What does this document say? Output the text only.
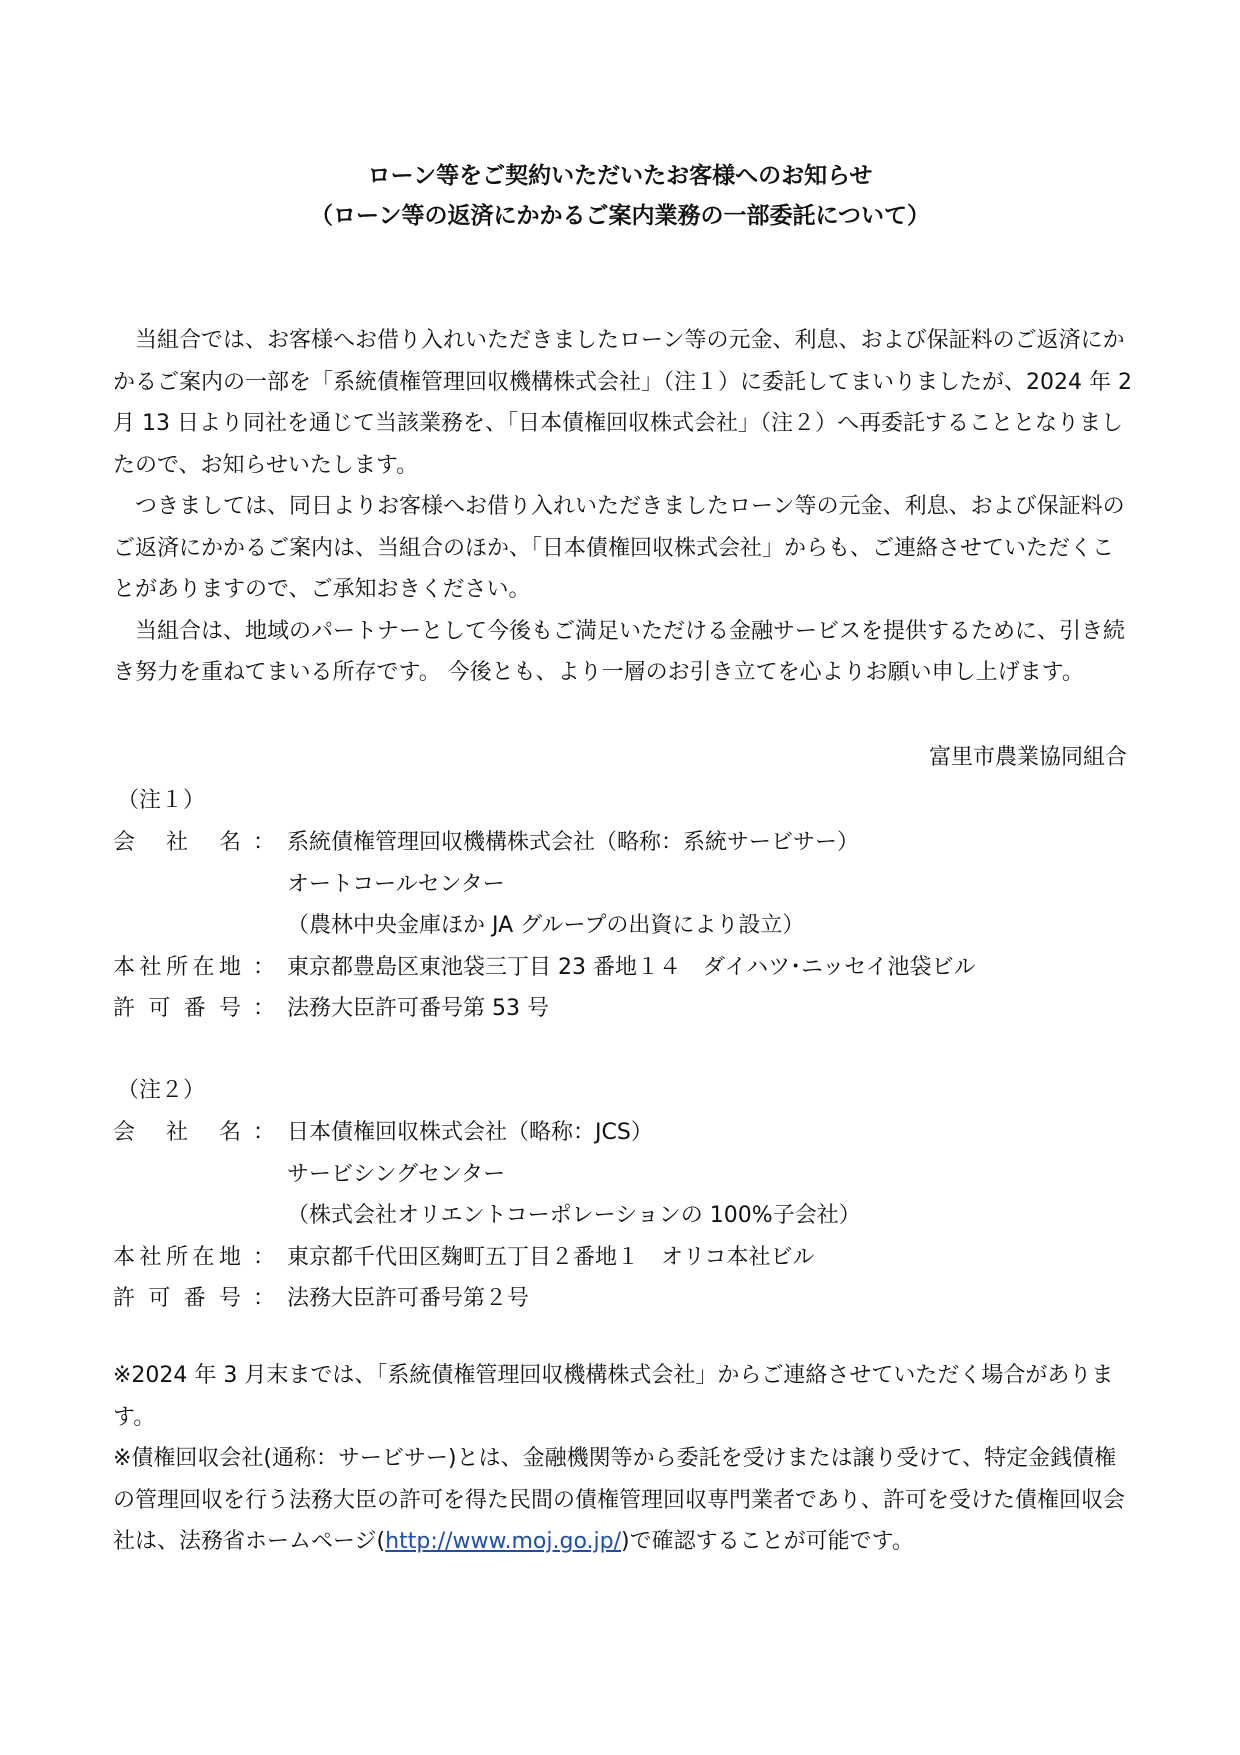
ローン等をご契約いただいたお客様へのお知らせ
（ローン等の返済にかかるご案内業務の一部委託について）

当組合では、お客様へお借り入れいただきましたローン等の元金、利息、および保証料のご返済にかかるご案内の一部を「系統債権管理回収機構株式会社」（注１）に委託してまいりましたが、2024 年 2 月 13 日より同社を通じて当該業務を、「日本債権回収株式会社」（注２）へ再委託することとなりましたので、お知らせいたします。

つきましては、同日よりお客様へお借り入れいただきましたローン等の元金、利息、および保証料のご返済にかかるご案内は、当組合のほか、「日本債権回収株式会社」からも、ご連絡させていただくことがありますので、ご承知おきください。

当組合は、地域のパートナーとして今後もご満足いただける金融サービスを提供するために、引き続き努力を重ねてまいる所存です。 今後とも、より一層のお引き立てを心よりお願い申し上げます。

富里市農業協同組合
（注１）
会社名 ： 系統債権管理回収機構株式会社（略称：系統サービサー）
オートコールセンター
（農林中央金庫ほか JA グループの出資により設立）
本社所在地 ： 東京都豊島区東池袋三丁目 23 番地１４　ダイハツ･ニッセイ池袋ビル
許可番号 ： 法務大臣許可番号第 53 号
（注２）
会社名 ： 日本債権回収株式会社（略称：JCS）
サービシングセンター
（株式会社オリエントコーポレーションの 100%子会社）
本社所在地 ： 東京都千代田区麹町五丁目２番地１　オリコ本社ビル
許可番号 ： 法務大臣許可番号第２号

※2024 年 3 月末までは、「系統債権管理回収機構株式会社」からご連絡させていただく場合があります。

※債権回収会社(通称：サービサー)とは、金融機関等から委託を受けまたは譲り受けて、特定金銭債権の管理回収を行う法務大臣の許可を得た民間の債権管理回収専門業者であり、許可を受けた債権回収会社は、法務省ホームページ(http://www.moj.go.jp/)で確認することが可能です。
